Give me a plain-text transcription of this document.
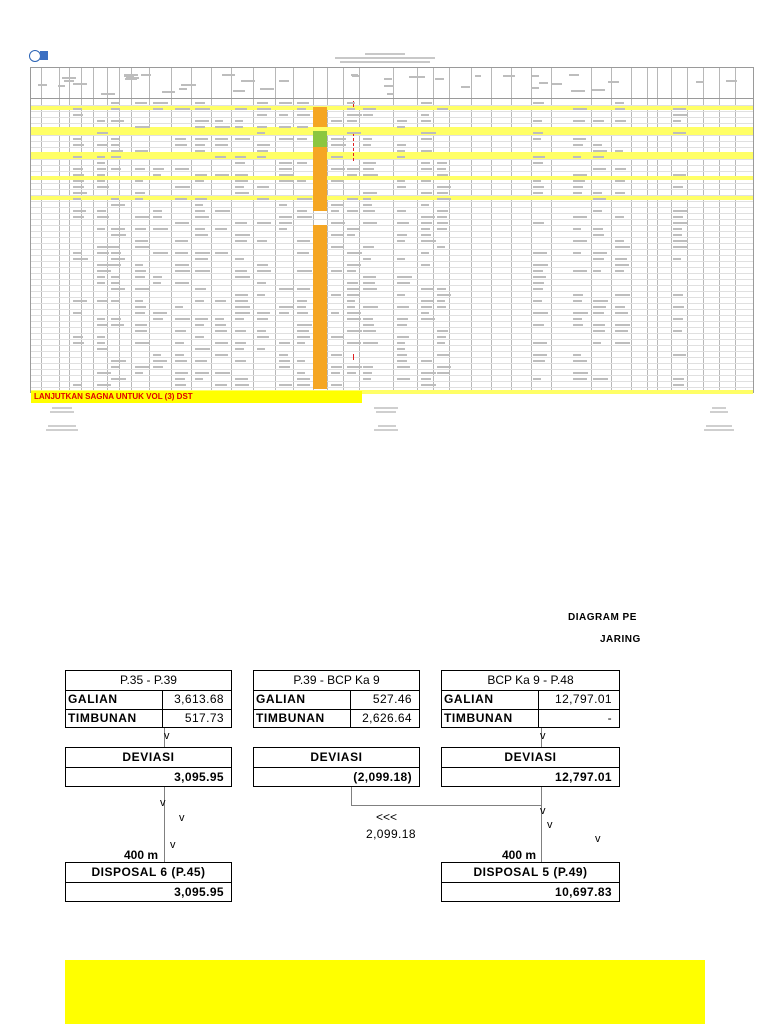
LANJUTKAN SAGNA UNTUK VOL (3) DST
DIAGRAM PE
JARING
P.35 - P.39
GALIAN	3,613.68
TIMBUNAN	517.73
DEVIASI
3,095.95
P.39 - BCP Ka 9
GALIAN	527.46
TIMBUNAN	2,626.64
DEVIASI
(2,099.18)
BCP Ka 9 - P.48
GALIAN	12,797.01
TIMBUNAN	-
DEVIASI
12,797.01
v	v
v
v
v
v
v
v
<<<
2,099.18
400 m	400 m
DISPOSAL 6 (P.45)
3,095.95
DISPOSAL 5 (P.49)
10,697.83
